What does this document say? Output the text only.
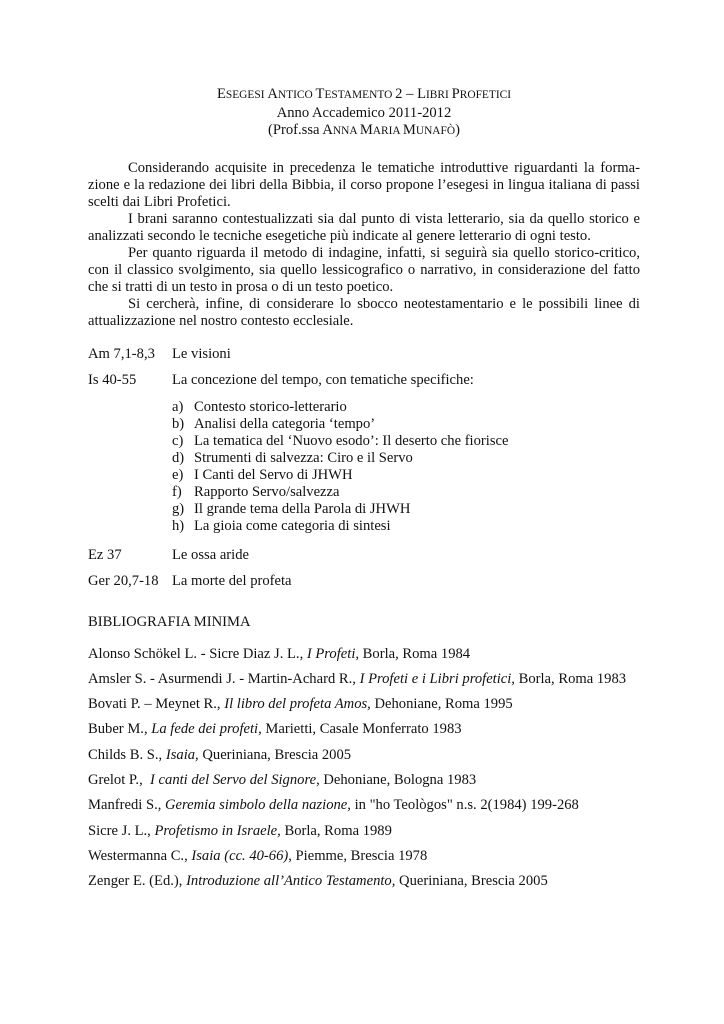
ESEGESI ANTICO TESTAMENTO 2 – LIBRI PROFETICI
Anno Accademico 2011-2012
(Prof.ssa ANNA MARIA MUNAFÒ)

Considerando acquisite in precedenza le tematiche introduttive riguardanti la forma-zione e la redazione dei libri della Bibbia, il corso propone l’esegesi in lingua italiana di passi scelti dai Libri Profetici.

I brani saranno contestualizzati sia dal punto di vista letterario, sia da quello storico e analizzati secondo le tecniche esegetiche più indicate al genere letterario di ogni testo.

Per quanto riguarda il metodo di indagine, infatti, si seguirà sia quello storico-critico, con il classico svolgimento, sia quello lessicografico o narrativo, in considerazione del fatto che si tratti di un testo in prosa o di un testo poetico.

Si cercherà, infine, di considerare lo sbocco neotestamentario e le possibili linee di attualizzazione nel nostro contesto ecclesiale.

Am 7,1-8,3	Le visioni
Is 40-55	La concezione del tempo, con tematiche specifiche:
a) Contesto storico-letterario
b) Analisi della categoria ‘tempo’
c) La tematica del ‘Nuovo esodo’: Il deserto che fiorisce
d) Strumenti di salvezza: Ciro e il Servo
e) I Canti del Servo di JHWH
f) Rapporto Servo/salvezza
g) Il grande tema della Parola di JHWH
h) La gioia come categoria di sintesi
Ez 37	Le ossa aride
Ger 20,7-18 La morte del profeta
BIBLIOGRAFIA MINIMA
Alonso Schökel L. - Sicre Diaz J. L., I Profeti, Borla, Roma 1984
Amsler S. - Asurmendi J. - Martin-Achard R., I Profeti e i Libri profetici, Borla, Roma 1983
Bovati P. – Meynet R., Il libro del profeta Amos, Dehoniane, Roma 1995
Buber M., La fede dei profeti, Marietti, Casale Monferrato 1983
Childs B. S., Isaia, Queriniana, Brescia 2005
Grelot P.,  I canti del Servo del Signore, Dehoniane, Bologna 1983
Manfredi S., Geremia simbolo della nazione, in "ho Teològos" n.s. 2(1984) 199-268
Sicre J. L., Profetismo in Israele, Borla, Roma 1989
Westermanna C., Isaia (cc. 40-66), Piemme, Brescia 1978
Zenger E. (Ed.), Introduzione all’Antico Testamento, Queriniana, Brescia 2005
